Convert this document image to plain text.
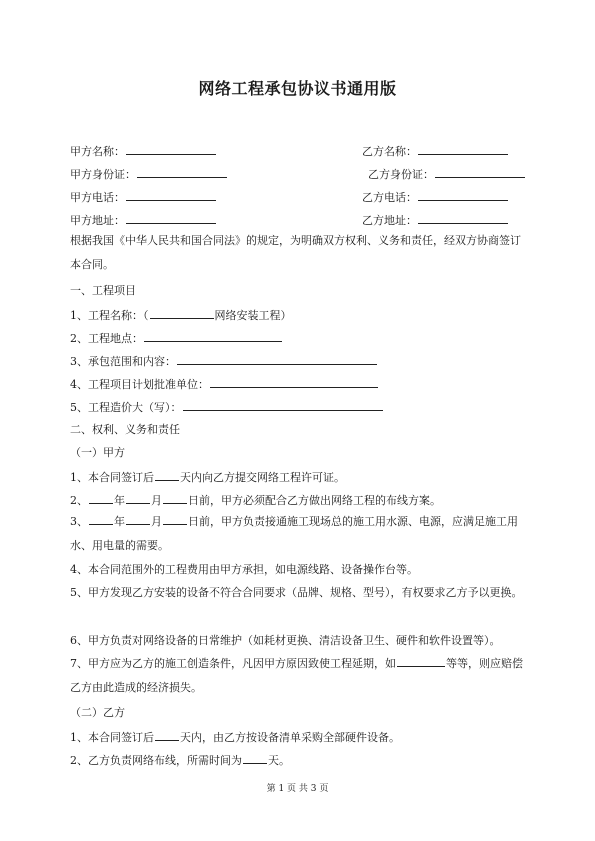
网络工程承包协议书通用版
甲方名称：	乙方名称：
甲方身份证：	乙方身份证：
甲方电话：	乙方电话：
甲方地址：	乙方地址：
根据我国《中华人民共和国合同法》的规定，为明确双方权利、义务和责任，经双方协商签订本合同。
一、工程项目
1、工程名称：（	网络安装工程）
2、工程地点：
3、承包范围和内容：
4、工程项目计划批准单位：
5、工程造价大（写）：
二、权利、义务和责任
（一）甲方
1、本合同签订后 天内向乙方提交网络工程许可证。
2、 年 月 日前，甲方必须配合乙方做出网络工程的布线方案。
3、 年 月 日前，甲方负责接通施工现场总的施工用水源、电源，应满足施工用水、用电量的需要。
4、本合同范围外的工程费用由甲方承担，如电源线路、设备操作台等。
5、甲方发现乙方安装的设备不符合合同要求（品牌、规格、型号），有权要求乙方予以更换。
6、甲方负责对网络设备的日常维护（如耗材更换、清洁设备卫生、硬件和软件设置等）。
7、甲方应为乙方的施工创造条件，凡因甲方原因致使工程延期，如	等等，则应赔偿乙方由此造成的经济损失。
（二）乙方
1、本合同签订后 天内，由乙方按设备清单采购全部硬件设备。
2、乙方负责网络布线，所需时间为 天。
第 1 页 共 3 页
